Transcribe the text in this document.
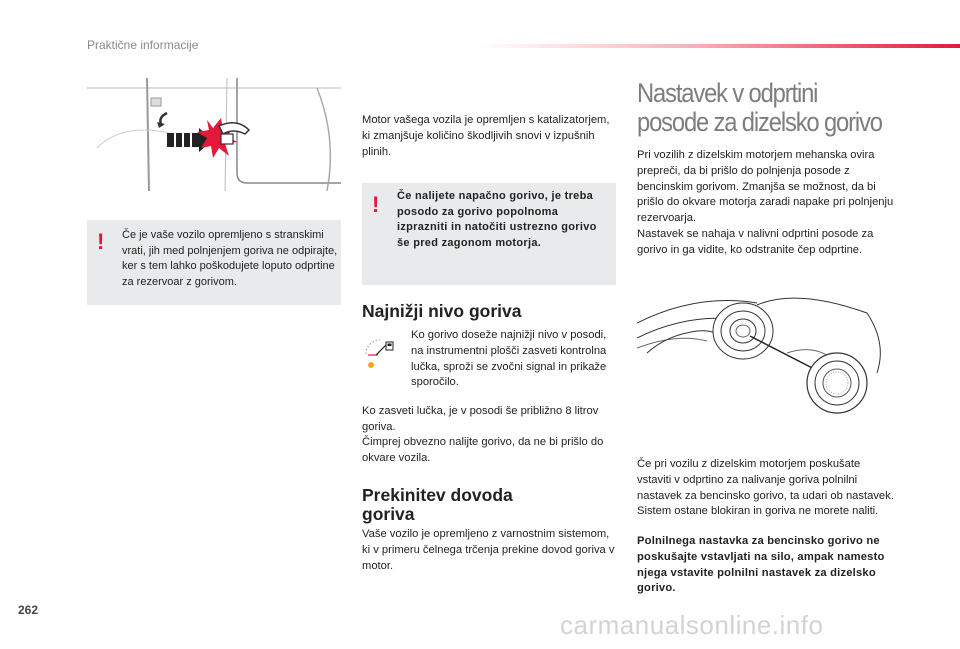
Praktične informacije
! Če je vaše vozilo opremljeno s stranskimi vrati, jih med polnjenjem goriva ne odpirajte, ker s tem lahko poškodujete loputo odprtine za rezervoar z gorivom.

Motor vašega vozila je opremljen s katalizatorjem, ki zmanjšuje količino škodljivih snovi v izpušnih plinih.

! Če nalijete napačno gorivo, je treba posodo za gorivo popolnoma izprazniti in natočiti ustrezno gorivo še pred zagonom motorja.

Najnižji nivo goriva

Ko gorivo doseže najnižji nivo v posodi, na instrumentni plošči zasveti kontrolna lučka, sproži se zvočni signal in prikaže sporočilo.

Ko zasveti lučka, je v posodi še približno 8 litrov goriva.

Čimprej obvezno nalijte gorivo, da ne bi prišlo do okvare vozila.

Prekinitev dovoda
goriva

Vaše vozilo je opremljeno z varnostnim sistemom, ki v primeru čelnega trčenja prekine dovod goriva v motor.

Nastavek v odprtini
posode za dizelsko gorivo

Pri vozilih z dizelskim motorjem mehanska ovira prepreči, da bi prišlo do polnjenja posode z bencinskim gorivom. Zmanjša se možnost, da bi prišlo do okvare motorja zaradi napake pri polnjenju rezervoarja.

Nastavek se nahaja v nalivni odprtini posode za gorivo in ga vidite, ko odstranite čep odprtine.

Če pri vozilu z dizelskim motorjem poskušate vstaviti v odprtino za nalivanje goriva polnilni nastavek za bencinsko gorivo, ta udari ob nastavek. Sistem ostane blokiran in goriva ne morete naliti.

Polnilnega nastavka za bencinsko gorivo ne poskušajte vstavljati na silo, ampak namesto njega vstavite polnilni nastavek za dizelsko gorivo.

262	carmanualsonline.info
